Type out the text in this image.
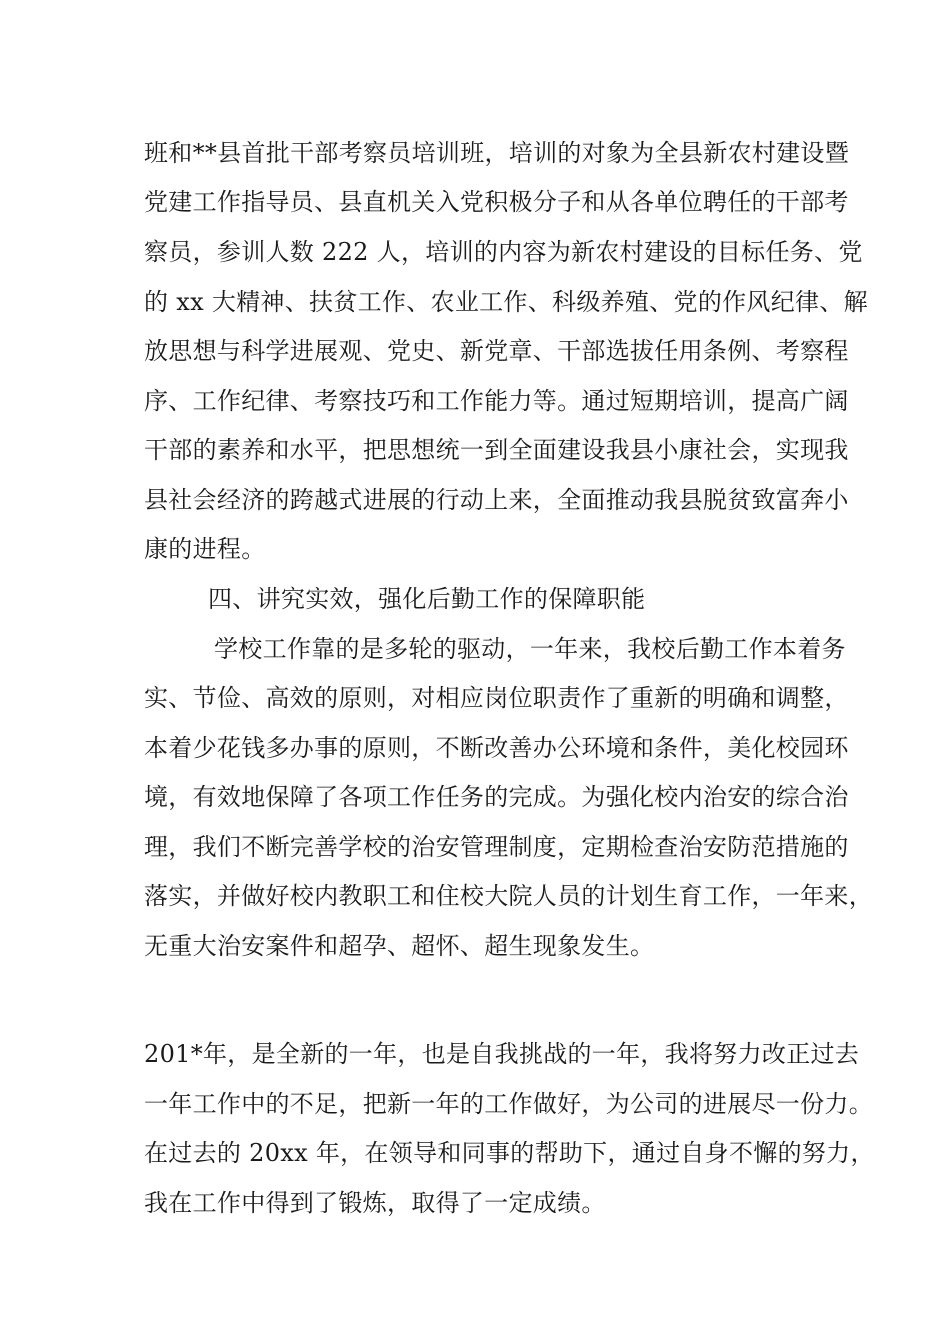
班和**县首批干部考察员培训班，培训的对象为全县新农村建设暨
党建工作指导员、县直机关入党积极分子和从各单位聘任的干部考
察员，参训人数 222 人，培训的内容为新农村建设的目标任务、党
的 xx 大精神、扶贫工作、农业工作、科级养殖、党的作风纪律、解
放思想与科学进展观、党史、新党章、干部选拔任用条例、考察程
序、工作纪律、考察技巧和工作能力等。通过短期培训，提高广阔
干部的素养和水平，把思想统一到全面建设我县小康社会，实现我
县社会经济的跨越式进展的行动上来，全面推动我县脱贫致富奔小
康的进程。
四、讲究实效，强化后勤工作的保障职能
学校工作靠的是多轮的驱动，一年来，我校后勤工作本着务
实、节俭、高效的原则，对相应岗位职责作了重新的明确和调整，
本着少花钱多办事的原则，不断改善办公环境和条件，美化校园环
境，有效地保障了各项工作任务的完成。为强化校内治安的综合治
理，我们不断完善学校的治安管理制度，定期检查治安防范措施的
落实，并做好校内教职工和住校大院人员的计划生育工作，一年来，
无重大治安案件和超孕、超怀、超生现象发生。
201*年，是全新的一年，也是自我挑战的一年，我将努力改正过去
一年工作中的不足，把新一年的工作做好，为公司的进展尽一份力。
在过去的 20xx 年，在领导和同事的帮助下，通过自身不懈的努力，
我在工作中得到了锻炼，取得了一定成绩。
